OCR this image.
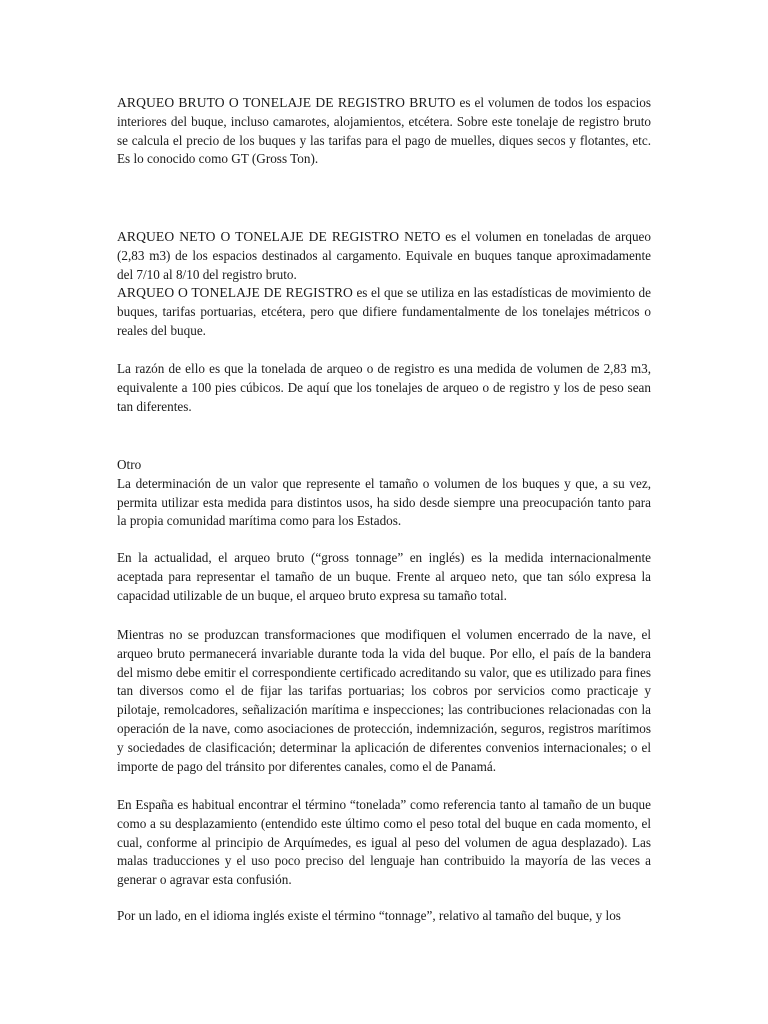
ARQUEO BRUTO O TONELAJE DE REGISTRO BRUTO es el volumen de todos los espacios interiores del buque, incluso camarotes, alojamientos, etcétera. Sobre este tonelaje de registro bruto se calcula el precio de los buques y las tarifas para el pago de muelles, diques secos y flotantes, etc. Es lo conocido como GT (Gross Ton).

ARQUEO NETO O TONELAJE DE REGISTRO NETO es el volumen en toneladas de arqueo (2,83 m3) de los espacios destinados al cargamento. Equivale en buques tanque aproximadamente del 7/10 al 8/10 del registro bruto.

ARQUEO O TONELAJE DE REGISTRO es el que se utiliza en las estadísticas de movimiento de buques, tarifas portuarias, etcétera, pero que difiere fundamentalmente de los tonelajes métricos o reales del buque.

La razón de ello es que la tonelada de arqueo o de registro es una medida de volumen de 2,83 m3, equivalente a 100 pies cúbicos. De aquí que los tonelajes de arqueo o de registro y los de peso sean tan diferentes.

Otro

La determinación de un valor que represente el tamaño o volumen de los buques y que, a su vez, permita utilizar esta medida para distintos usos, ha sido desde siempre una preocupación tanto para la propia comunidad marítima como para los Estados.

En la actualidad, el arqueo bruto (“gross tonnage” en inglés) es la medida internacionalmente aceptada para representar el tamaño de un buque. Frente al arqueo neto, que tan sólo expresa la capacidad utilizable de un buque, el arqueo bruto expresa su tamaño total.

Mientras no se produzcan transformaciones que modifiquen el volumen encerrado de la nave, el arqueo bruto permanecerá invariable durante toda la vida del buque. Por ello, el país de la bandera del mismo debe emitir el correspondiente certificado acreditando su valor, que es utilizado para fines tan diversos como el de fijar las tarifas portuarias; los cobros por servicios como practicaje y pilotaje, remolcadores, señalización marítima e inspecciones; las contribuciones relacionadas con la operación de la nave, como asociaciones de protección, indemnización, seguros, registros marítimos y sociedades de clasificación; determinar la aplicación de diferentes convenios internacionales; o el importe de pago del tránsito por diferentes canales, como el de Panamá.

En España es habitual encontrar el término “tonelada” como referencia tanto al tamaño de un buque como a su desplazamiento (entendido este último como el peso total del buque en cada momento, el cual, conforme al principio de Arquímedes, es igual al peso del volumen de agua desplazado). Las malas traducciones y el uso poco preciso del lenguaje han contribuido la mayoría de las veces a generar o agravar esta confusión.

Por un lado, en el idioma inglés existe el término “tonnage”, relativo al tamaño del buque, y los
